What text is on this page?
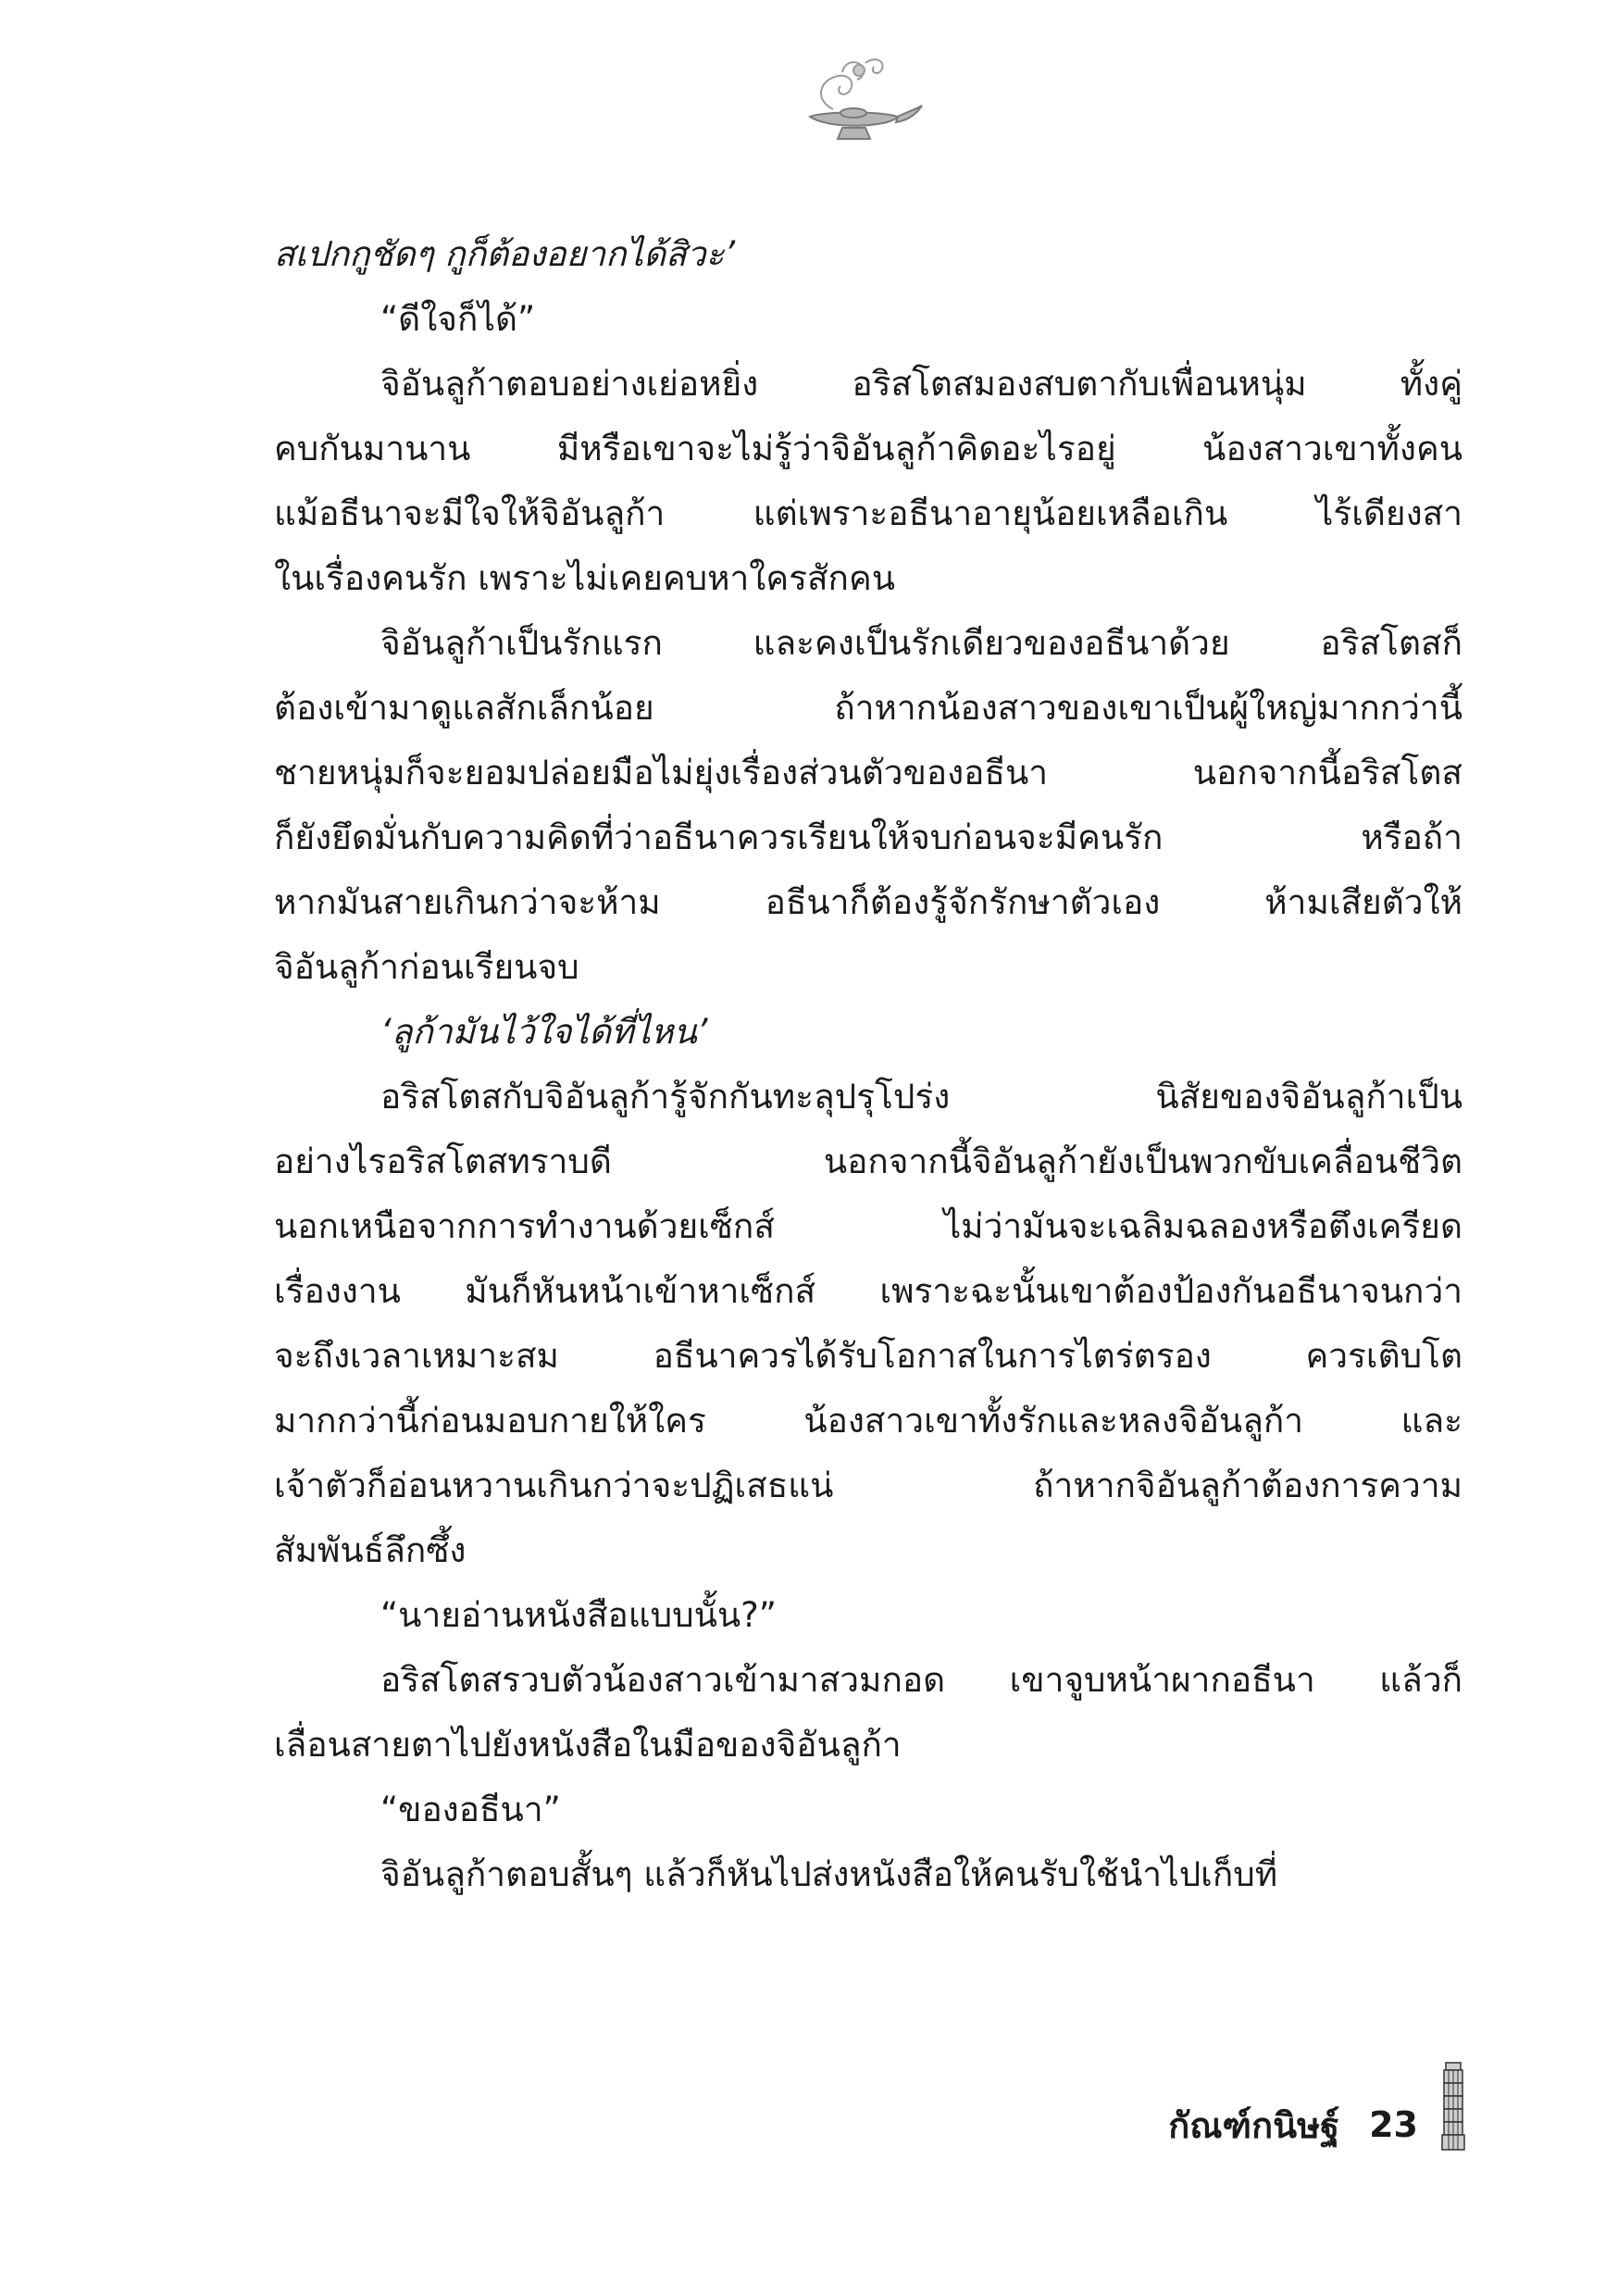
สเปกกูชัดๆ กูก็ต้องอยากได้สิวะ’
“ดีใจก็ได้”
จิอันลูก้าตอบอย่างเย่อหยิ่ง อริสโตสมองสบตากับเพื่อนหนุ่ม ทั้งคู่
คบกันมานาน มีหรือเขาจะไม่รู้ว่าจิอันลูก้าคิดอะไรอยู่ น้องสาวเขาทั้งคน
แม้อธีนาจะมีใจให้จิอันลูก้า แต่เพราะอธีนาอายุน้อยเหลือเกิน ไร้เดียงสา
ในเรื่องคนรัก เพราะไม่เคยคบหาใครสักคน
จิอันลูก้าเป็นรักแรก และคงเป็นรักเดียวของอธีนาด้วย อริสโตสก็
ต้องเข้ามาดูแลสักเล็กน้อย ถ้าหากน้องสาวของเขาเป็นผู้ใหญ่มากกว่านี้
ชายหนุ่มก็จะยอมปล่อยมือไม่ยุ่งเรื่องส่วนตัวของอธีนา นอกจากนี้อริสโตส
ก็ยังยึดมั่นกับความคิดที่ว่าอธีนาควรเรียนให้จบก่อนจะมีคนรัก หรือถ้า
หากมันสายเกินกว่าจะห้าม อธีนาก็ต้องรู้จักรักษาตัวเอง ห้ามเสียตัวให้
จิอันลูก้าก่อนเรียนจบ
‘ลูก้ามันไว้ใจได้ที่ไหน’
อริสโตสกับจิอันลูก้ารู้จักกันทะลุปรุโปร่ง นิสัยของจิอันลูก้าเป็น
อย่างไรอริสโตสทราบดี นอกจากนี้จิอันลูก้ายังเป็นพวกขับเคลื่อนชีวิต
นอกเหนือจากการทำงานด้วยเซ็กส์ ไม่ว่ามันจะเฉลิมฉลองหรือตึงเครียด
เรื่องงาน มันก็หันหน้าเข้าหาเซ็กส์ เพราะฉะนั้นเขาต้องป้องกันอธีนาจนกว่า
จะถึงเวลาเหมาะสม อธีนาควรได้รับโอกาสในการไตร่ตรอง ควรเติบโต
มากกว่านี้ก่อนมอบกายให้ใคร น้องสาวเขาทั้งรักและหลงจิอันลูก้า และ
เจ้าตัวก็อ่อนหวานเกินกว่าจะปฏิเสธแน่ ถ้าหากจิอันลูก้าต้องการความ
สัมพันธ์ลึกซึ้ง
“นายอ่านหนังสือแบบนั้น?”
อริสโตสรวบตัวน้องสาวเข้ามาสวมกอด เขาจูบหน้าผากอธีนา แล้วก็
เลื่อนสายตาไปยังหนังสือในมือของจิอันลูก้า
“ของอธีนา”
จิอันลูก้าตอบสั้นๆ แล้วก็หันไปส่งหนังสือให้คนรับใช้นำไปเก็บที่
กัณฑ์กนิษฐ์ 23
